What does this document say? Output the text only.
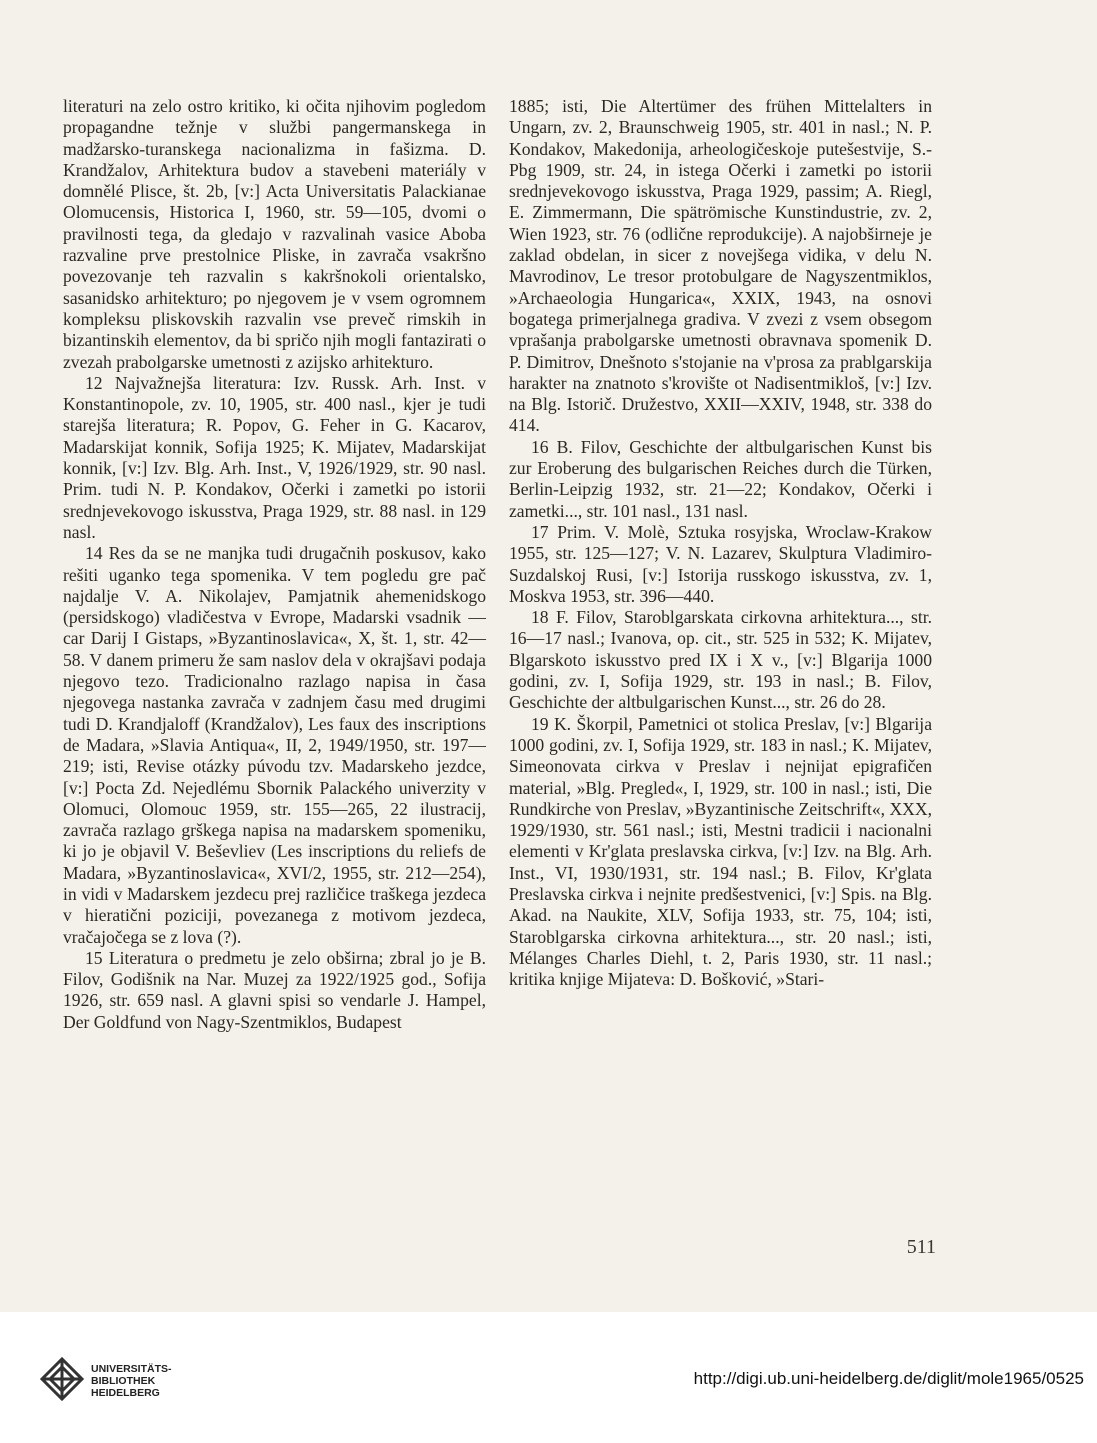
literaturi na zelo ostro kritiko, ki očita njihovim pogledom propagandne težnje v službi pangermanskega in madžarsko-turanskega nacionalizma in fašizma. D. Krandžalov, Arhitektura budov a stavebeni materiály v domnělé Plisce, št. 2b, [v:] Acta Universitatis Palackianae Olomucensis, Historica I, 1960, str. 59—105, dvomi o pravilnosti tega, da gledajo v razvalinah vasice Aboba razvaline prve prestolnice Pliske, in zavrača vsakršno povezovanje teh razvalin s kakršnokoli orientalsko, sasanidsko arhitekturo; po njegovem je v vsem ogromnem kompleksu pliskovskih razvalin vse preveč rimskih in bizantinskih elementov, da bi spričo njih mogli fantazirati o zvezah prabolgarske umetnosti z azijsko arhitekturo.

12 Najvažnejša literatura: Izv. Russk. Arh. Inst. v Konstantinopole, zv. 10, 1905, str. 400 nasl., kjer je tudi starejša literatura; R. Popov, G. Feher in G. Kacarov, Madarskijat konnik, Sofija 1925; K. Mijatev, Madarskijat konnik, [v:] Izv. Blg. Arh. Inst., V, 1926/1929, str. 90 nasl. Prim. tudi N. P. Kondakov, Očerki i zametki po istorii srednjevekovogo iskusstva, Praga 1929, str. 88 nasl. in 129 nasl.

14 Res da se ne manjka tudi drugačnih poskusov, kako rešiti uganko tega spomenika. V tem pogledu gre pač najdalje V. A. Nikolajev, Pamjatnik ahemenidskogo (persidskogo) vladičestva v Evrope, Madarski vsadnik — car Darij I Gistaps, »Byzantinoslavica«, X, št. 1, str. 42—58. V danem primeru že sam naslov dela v okrajšavi podaja njegovo tezo. Tradicionalno razlago napisa in časa njegovega nastanka zavrača v zadnjem času med drugimi tudi D. Krandjaloff (Krandžalov), Les faux des inscriptions de Madara, »Slavia Antiqua«, II, 2, 1949/1950, str. 197—219; isti, Revise otázky púvodu tzv. Madarskeho jezdce, [v:] Pocta Zd. Nejedlému Sbornik Palackého univerzity v Olomuci, Olomouc 1959, str. 155—265, 22 ilustracij, zavrača razlago grškega napisa na madarskem spomeniku, ki jo je objavil V. Beševliev (Les inscriptions du reliefs de Madara, »Byzantinoslavica«, XVI/2, 1955, str. 212—254), in vidi v Madarskem jezdecu prej različice traškega jezdeca v hieratični poziciji, povezanega z motivom jezdeca, vračajočega se z lova (?).

15 Literatura o predmetu je zelo obširna; zbral jo je B. Filov, Godišnik na Nar. Muzej za 1922/1925 god., Sofija 1926, str. 659 nasl. A glavni spisi so vendarle J. Hampel, Der Goldfund von Nagy-Szentmiklos, Budapest

1885; isti, Die Altertümer des frühen Mittelalters in Ungarn, zv. 2, Braunschweig 1905, str. 401 in nasl.; N. P. Kondakov, Makedonija, arheologičeskoje putešestvije, S.-Pbg 1909, str. 24, in istega Očerki i zametki po istorii srednjevekovogo iskusstva, Praga 1929, passim; A. Riegl, E. Zimmermann, Die spätrömische Kunstindustrie, zv. 2, Wien 1923, str. 76 (odlične reprodukcije). A najobširneje je zaklad obdelan, in sicer z novejšega vidika, v delu N. Mavrodinov, Le tresor protobulgare de Nagyszentmiklos, »Archaeologia Hungarica«, XXIX, 1943, na osnovi bogatega primerjalnega gradiva. V zvezi z vsem obsegom vprašanja prabolgarske umetnosti obravnava spomenik D. P. Dimitrov, Dnešnoto s'stojanie na v'prosa za prablgarskija harakter na znatnoto s'krovište ot Nadisentmikloš, [v:] Izv. na Blg. Istorič. Družestvo, XXII—XXIV, 1948, str. 338 do 414.

16 B. Filov, Geschichte der altbulgarischen Kunst bis zur Eroberung des bulgarischen Reiches durch die Türken, Berlin-Leipzig 1932, str. 21—22; Kondakov, Očerki i zametki..., str. 101 nasl., 131 nasl.

17 Prim. V. Molè, Sztuka rosyjska, Wroclaw-Krakow 1955, str. 125—127; V. N. Lazarev, Skulptura Vladimiro-Suzdalskoj Rusi, [v:] Istorija russkogo iskusstva, zv. 1, Moskva 1953, str. 396—440.

18 F. Filov, Staroblgarskata cirkovna arhitektura..., str. 16—17 nasl.; Ivanova, op. cit., str. 525 in 532; K. Mijatev, Blgarskoto iskusstvo pred IX i X v., [v:] Blgarija 1000 godini, zv. I, Sofija 1929, str. 193 in nasl.; B. Filov, Geschichte der altbulgarischen Kunst..., str. 26 do 28.

19 K. Škorpil, Pametnici ot stolica Preslav, [v:] Blgarija 1000 godini, zv. I, Sofija 1929, str. 183 in nasl.; K. Mijatev, Simeonovata cirkva v Preslav i nejnijat epigrafičen material, »Blg. Pregled«, I, 1929, str. 100 in nasl.; isti, Die Rundkirche von Preslav, »Byzantinische Zeitschrift«, XXX, 1929/1930, str. 561 nasl.; isti, Mestni tradicii i nacionalni elementi v Kr'glata preslavska cirkva, [v:] Izv. na Blg. Arh. Inst., VI, 1930/1931, str. 194 nasl.; B. Filov, Kr'glata Preslavska cirkva i nejnite predšestvenici, [v:] Spis. na Blg. Akad. na Naukite, XLV, Sofija 1933, str. 75, 104; isti, Staroblgarska cirkovna arhitektura..., str. 20 nasl.; isti, Mélanges Charles Diehl, t. 2, Paris 1930, str. 11 nasl.; kritika knjige Mijateva: D. Bošković, »Stari-

511
UNIVERSITÄTS-
BIBLIOTHEK
HEIDELBERG
http://digi.ub.uni-heidelberg.de/diglit/mole1965/0525
